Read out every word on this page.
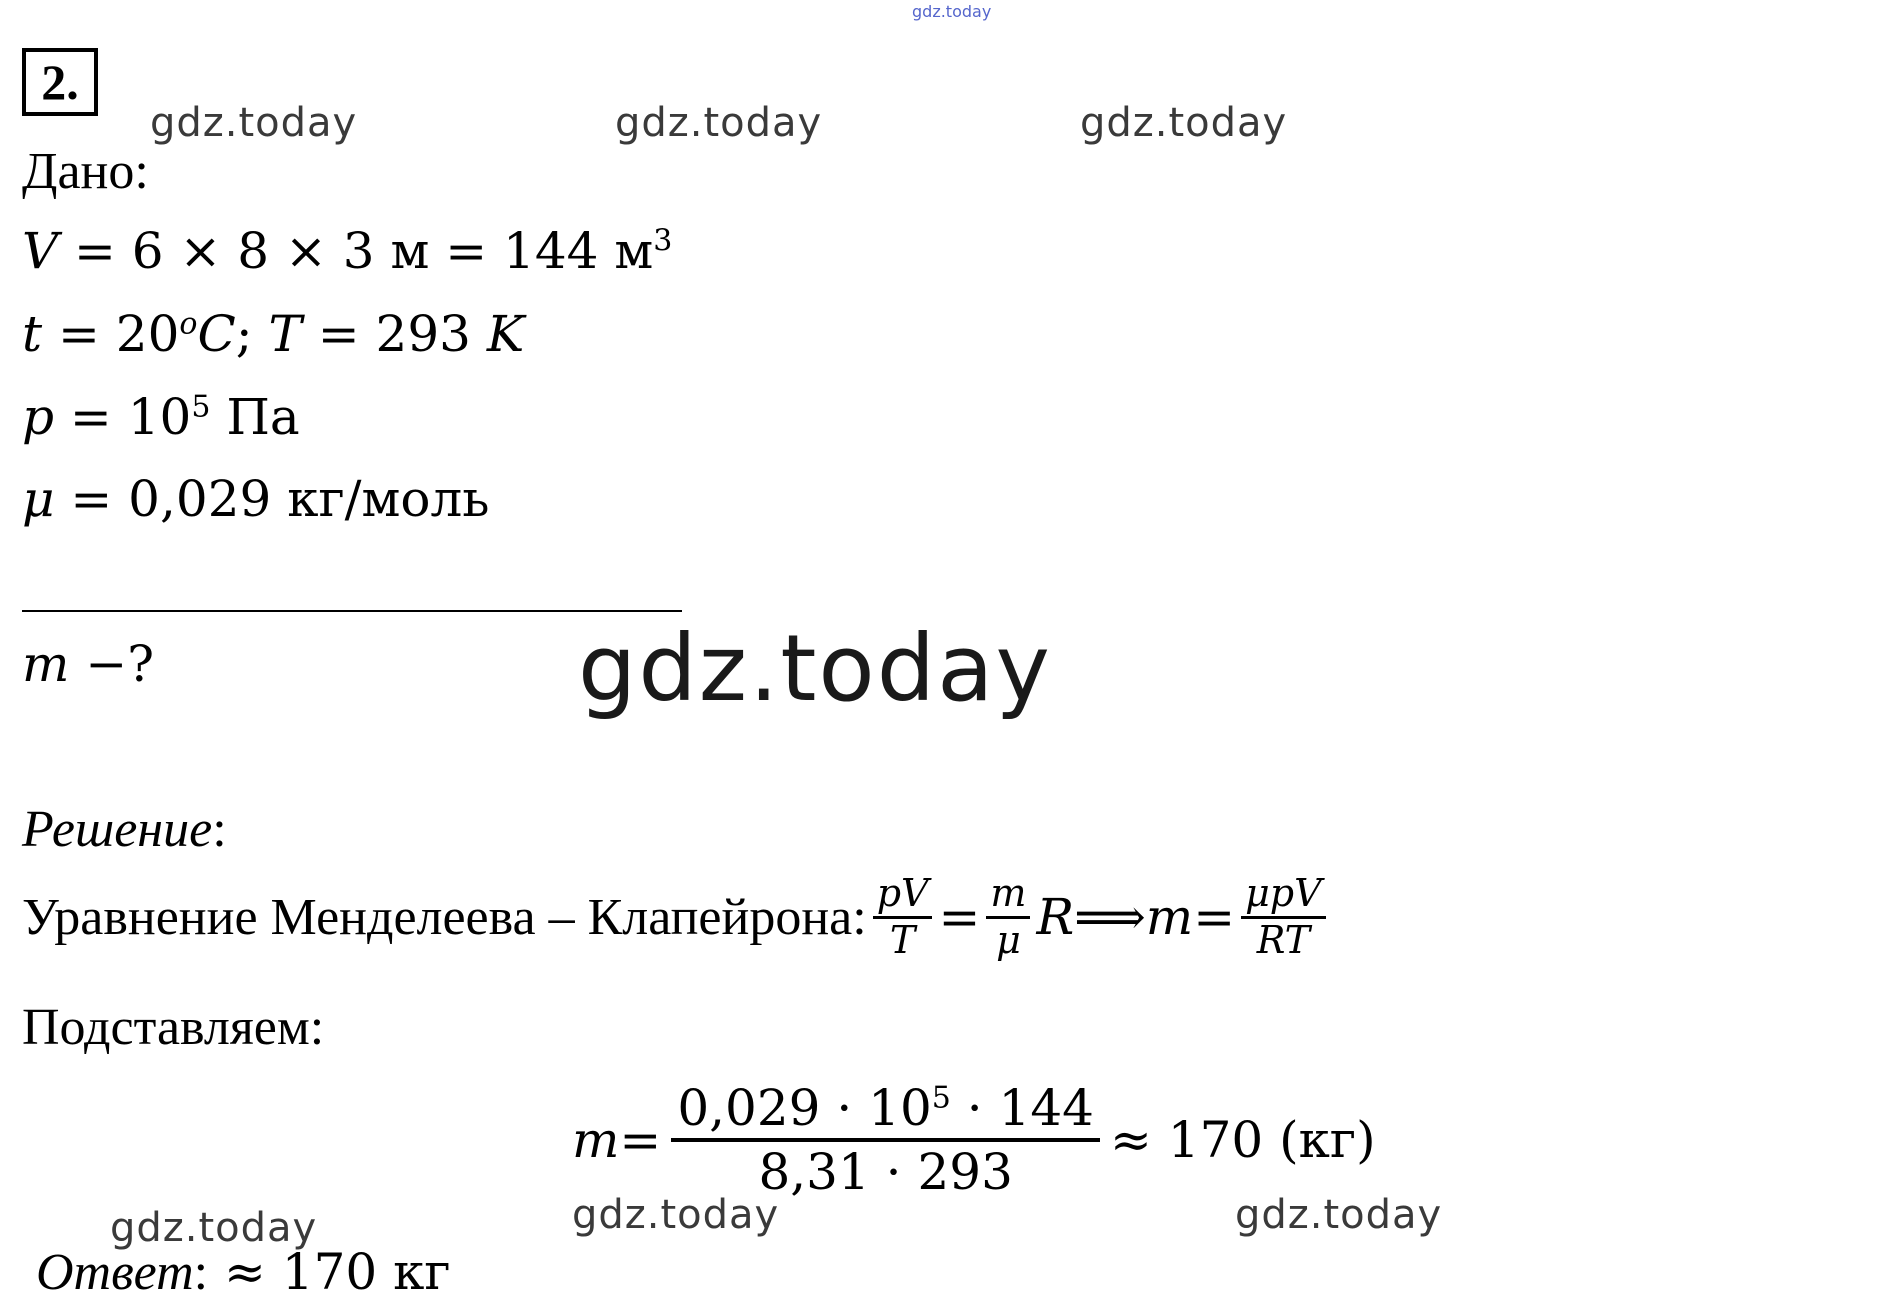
gdz.today
2.
gdz.today	gdz.today	gdz.today
Дано:
V = 6 × 8 × 3 м = 144 $м^3$
$t = 20^oC$; T = 293 K
$p = 10^5$ Па
μ = 0,029 кг/моль
m −?	gdz.today
Решение:
Уравнение Менделеева – Клапейрона: $\frac{pV}{T} = \frac{m}{\mu}$ R ⟹ $m = \frac{\text{μpV}}{RT}$
Подставляем:
$m = \frac{0,029 \cdot 10^5 \cdot 144}{8,31 \cdot 293} \approx 170$ (кг)
gdz.today	gdz.today	gdz.today
Ответ: ≈ 170 кг
